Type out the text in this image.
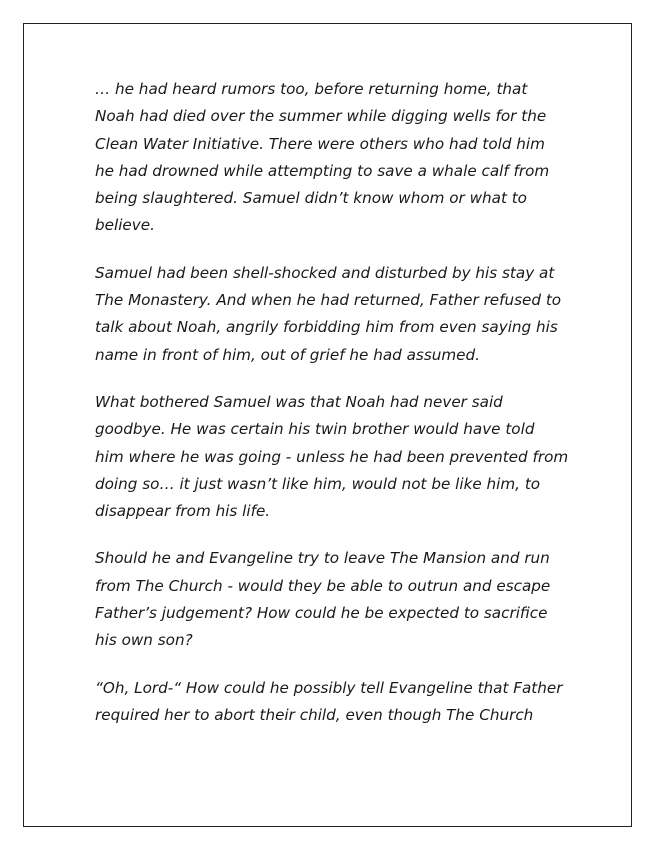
… he had heard rumors too, before returning home, that
Noah had died over the summer while digging wells for the
Clean Water Initiative. There were others who had told him
he had drowned while attempting to save a whale calf from
being slaughtered. Samuel didn’t know whom or what to
believe.

Samuel had been shell-shocked and disturbed by his stay at
The Monastery. And when he had returned, Father refused to
talk about Noah, angrily forbidding him from even saying his
name in front of him, out of grief he had assumed.

What bothered Samuel was that Noah had never said
goodbye. He was certain his twin brother would have told
him where he was going - unless he had been prevented from
doing so… it just wasn’t like him, would not be like him, to
disappear from his life.

Should he and Evangeline try to leave The Mansion and run
from The Church - would they be able to outrun and escape
Father’s judgement? How could he be expected to sacrifice
his own son?

“Oh, Lord-“ How could he possibly tell Evangeline that Father
required her to abort their child, even though The Church
